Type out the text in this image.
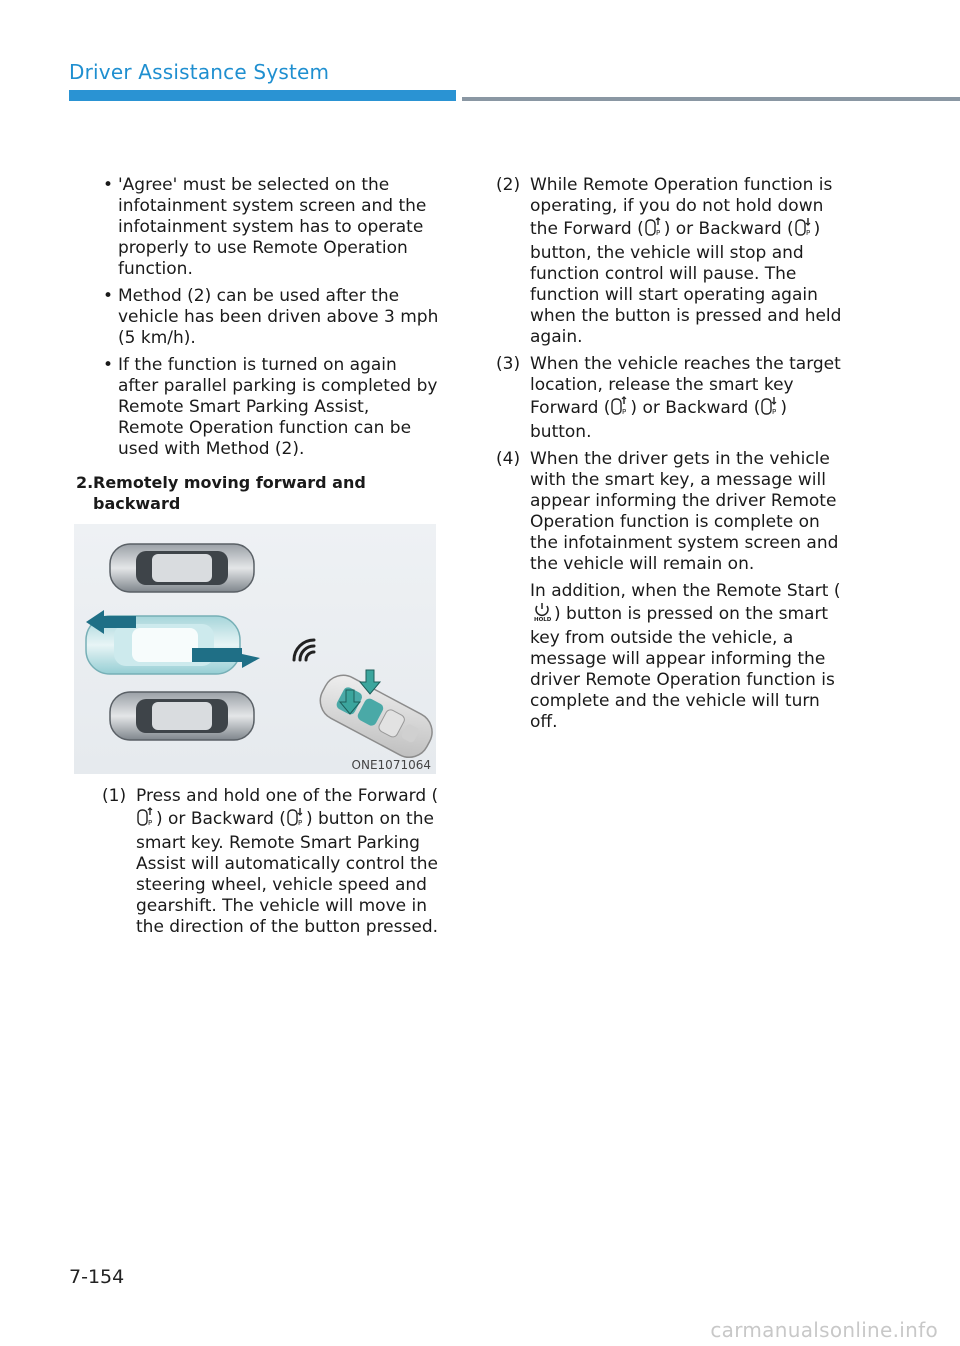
Driver Assistance System
• 'Agree' must be selected on the infotainment system screen and the infotainment system has to operate properly to use Remote Operation function.
• Method (2) can be used after the vehicle has been driven above 3 mph (5 km/h).
• If the function is turned on again after parallel parking is completed by Remote Smart Parking Assist, Remote Operation function can be used with Method (2).
2. Remotely moving forward and backward
ONE1071064
(1) Press and hold one of the Forward (
P ) or Backward ( P ) button on the smart key. Remote Smart Parking Assist will automatically control the steering wheel, vehicle speed and gearshift. The vehicle will move in the direction of the button pressed.
(2) While Remote Operation function is operating, if you do not hold down the Forward ( P ) or Backward ( P ) button, the vehicle will stop and function control will pause. The function will start operating again when the button is pressed and held again.
(3) When the vehicle reaches the target location, release the smart key Forward ( P ) or Backward ( P ) button.
(4) When the driver gets in the vehicle with the smart key, a message will appear informing the driver Remote Operation function is complete on the infotainment system screen and the vehicle will remain on.
In addition, when the Remote Start (
HOLD ) button is pressed on the smart key from outside the vehicle, a message will appear informing the driver Remote Operation function is complete and the vehicle will turn off.
7-154
carmanualsonline.info
